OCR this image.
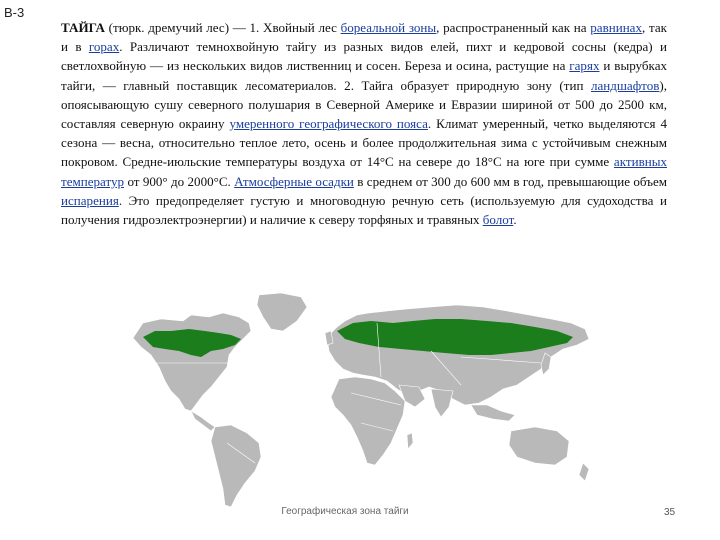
В-3

ТАЙГА (тюрк. дремучий лес) — 1. Хвойный лес бореальной зоны, распространенный как на равнинах, так и в горах. Различают темнохвойную тайгу из разных видов елей, пихт и кедровой сосны (кедра) и светлохвойную — из нескольких видов лиственниц и сосен. Береза и осина, растущие на гарях и вырубках тайги, — главный поставщик лесоматериалов. 2. Тайга образует природную зону (тип ландшафтов), опоясывающую сушу северного полушария в Северной Америке и Евразии шириной от 500 до 2500 км, составляя северную окраину умеренного географического пояса. Климат умеренный, четко выделяются 4 сезона — весна, относительно теплое лето, осень и более продолжительная зима с устойчивым снежным покровом. Средне-июльские температуры воздуха от 14°С на севере до 18°С на юге при сумме активных температур от 900° до 2000°С. Атмосферные осадки в среднем от 300 до 600 мм в год, превышающие объем испарения. Это предопределяет густую и многоводную речную сеть (используемую для судоходства и получения гидроэлектроэнергии) и наличие к северу торфяных и травяных болот.

Географическая зона тайги	35
